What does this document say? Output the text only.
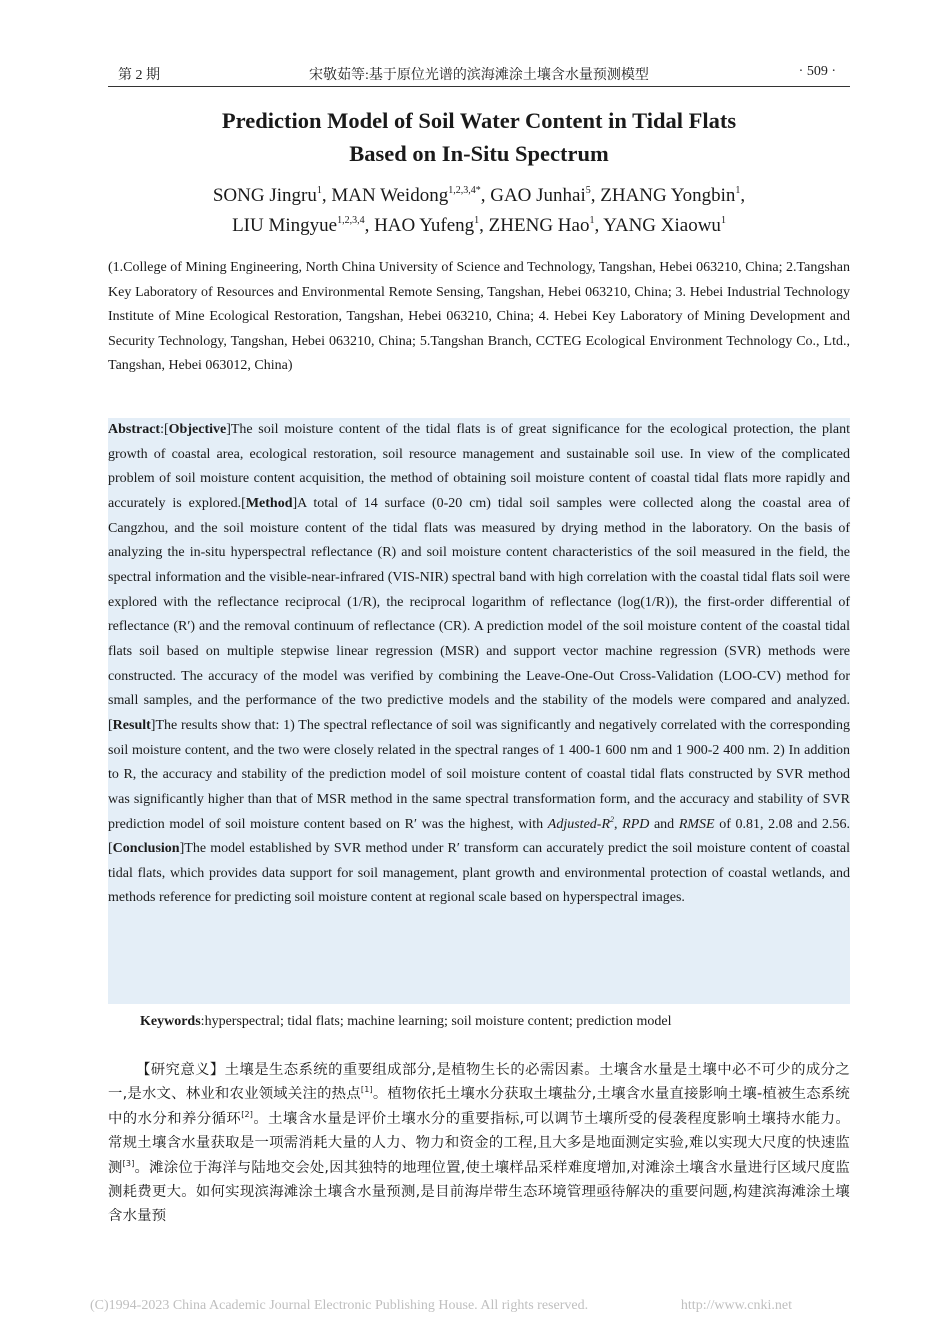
第 2 期	宋敬茹等:基于原位光谱的滨海滩涂土壤含水量预测模型	· 509 ·
Prediction Model of Soil Water Content in Tidal Flats
Based on In-Situ Spectrum
SONG Jingru$^1$, MAN Weidong$^{1,2,3,4*}$, GAO Junhai$^5$, ZHANG Yongbin$^1$,
LIU Mingyue$^{1,2,3,4}$, HAO Yufeng$^1$, ZHENG Hao$^1$, YANG Xiaowu$^1$
(1.College of Mining Engineering, North China University of Science and Technology, Tangshan, Hebei 063210, China; 2.Tangshan Key Laboratory of Resources and Environmental Remote Sensing, Tangshan, Hebei 063210, China; 3. Hebei Industrial Technology Institute of Mine Ecological Restoration, Tangshan, Hebei 063210, China; 4. Hebei Key Laboratory of Mining Development and Security Technology, Tangshan, Hebei 063210, China; 5.Tangshan Branch, CCTEG Ecological Environment Technology Co., Ltd., Tangshan, Hebei 063012, China)
Abstract:[Objective]The soil moisture content of the tidal flats is of great significance for the ecological protection, the plant growth of coastal area, ecological restoration, soil resource management and sustainable soil use. In view of the complicated problem of soil moisture content acquisition, the method of obtaining soil moisture content of coastal tidal flats more rapidly and accurately is explored.[Method]A total of 14 surface (0-20 cm) tidal soil samples were collected along the coastal area of Cangzhou, and the soil moisture content of the tidal flats was measured by drying method in the laboratory. On the basis of analyzing the in-situ hyperspectral reflectance (R) and soil moisture content characteristics of the soil measured in the field, the spectral information and the visible-near-infrared (VIS-NIR) spectral band with high correlation with the coastal tidal flats soil were explored with the reflectance reciprocal (1/R), the reciprocal logarithm of reflectance (log(1/R)), the first-order differential of reflectance (R′) and the removal continuum of reflectance (CR). A prediction model of the soil moisture content of the coastal tidal flats soil based on multiple stepwise linear regression (MSR) and support vector machine regression (SVR) methods were constructed. The accuracy of the model was verified by combining the Leave-One-Out Cross-Validation (LOO-CV) method for small samples, and the performance of the two predictive models and the stability of the models were compared and analyzed.[Result]The results show that: 1) The spectral reflectance of soil was significantly and negatively correlated with the corresponding soil moisture content, and the two were closely related in the spectral ranges of 1 400-1 600 nm and 1 900-2 400 nm. 2) In addition to R, the accuracy and stability of the prediction model of soil moisture content of coastal tidal flats constructed by SVR method was significantly higher than that of MSR method in the same spectral transformation form, and the accuracy and stability of SVR prediction model of soil moisture content based on R′ was the highest, with Adjusted-$R^2$, RPD and RMSE of 0.81, 2.08 and 2.56.[Conclusion]The model established by SVR method under R′ transform can accurately predict the soil moisture content of coastal tidal flats, which provides data support for soil management, plant growth and environmental protection of coastal wetlands, and methods reference for predicting soil moisture content at regional scale based on hyperspectral images.
Keywords:hyperspectral; tidal flats; machine learning; soil moisture content; prediction model

【研究意义】土壤是生态系统的重要组成部分,是植物生长的必需因素。土壤含水量是土壤中必不可少的成分之一,是水文、林业和农业领域关注的热点[1]。植物依托土壤水分获取土壤盐分,土壤含水量直接影响土壤-植被生态系统中的水分和养分循环[2]。土壤含水量是评价土壤水分的重要指标,可以调节土壤所受的侵袭程度影响土壤持水能力。常规土壤含水量获取是一项需消耗大量的人力、物力和资金的工程,且大多是地面测定实验,难以实现大尺度的快速监测[3]。滩涂位于海洋与陆地交会处,因其独特的地理位置,使土壤样品采样难度增加,对滩涂土壤含水量进行区域尺度监测耗费更大。如何实现滨海滩涂土壤含水量预测,是目前海岸带生态环境管理亟待解决的重要问题,构建滨海滩涂土壤含水量预

(C)1994-2023 China Academic Journal Electronic Publishing House. All rights reserved.	http://www.cnki.net
